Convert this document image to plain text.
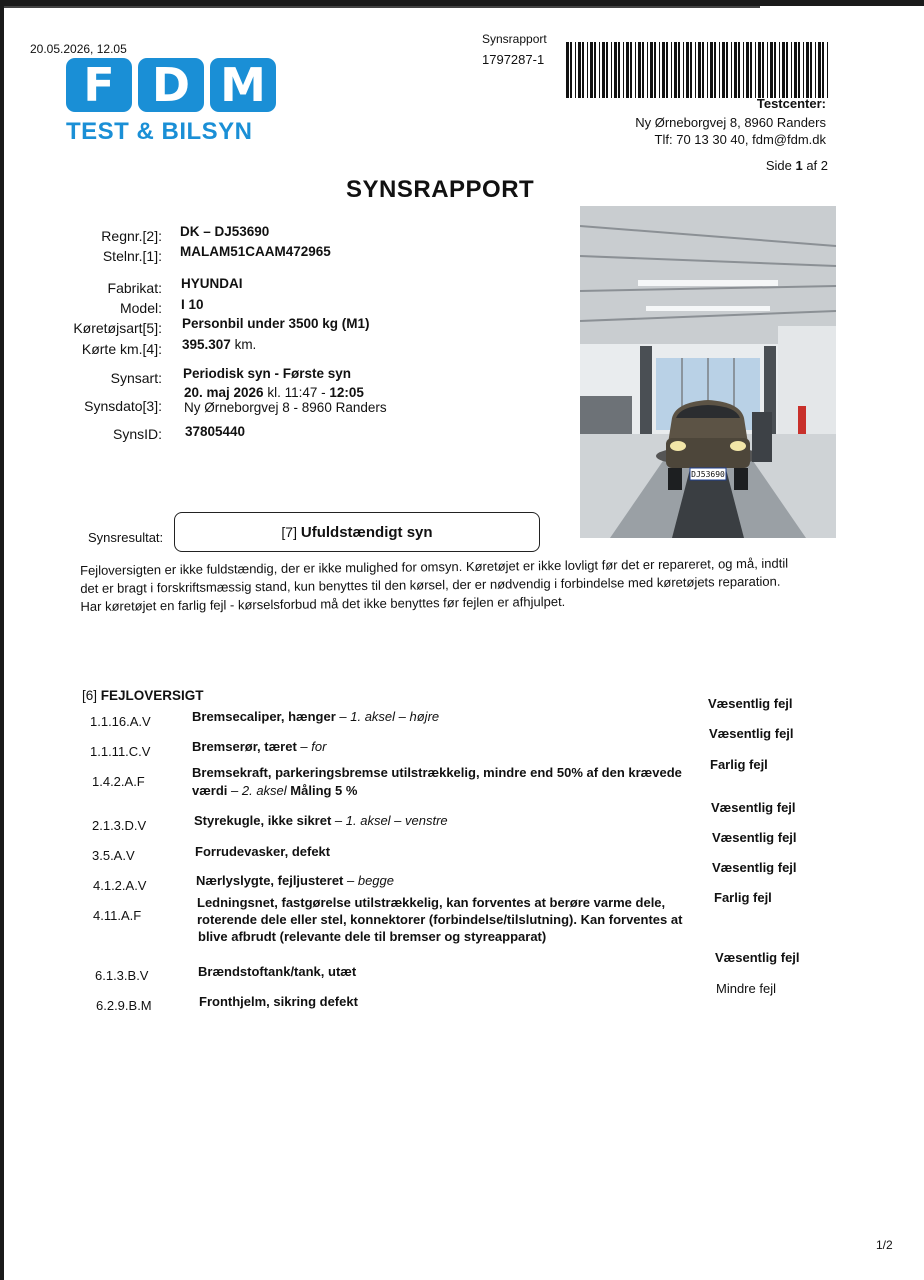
20.05.2026, 12.05
F D M
TEST & BILSYN
Synsrapport
1797287-1
Testcenter:
Ny Ørneborgvej 8, 8960 Randers
Tlf: 70 13 30 40, fdm@fdm.dk
Side 1 af 2
SYNSRAPPORT
Regnr.[2]: DK – DJ53690
Stelnr.[1]: MALAM51CAAM472965
Fabrikat: HYUNDAI
Model: I 10
Køretøjsart[5]: Personbil under 3500 kg (M1)
Kørte km.[4]: 395.307 km.
Synsart: Periodisk syn - Første syn
Synsdato[3]:
20. maj 2026 kl. 11:47 - 12:05
Ny Ørneborgvej 8 - 8960 Randers
SynsID: 37805440
DJ53690
Synsresultat:	[7] Ufuldstændigt syn
Fejloversigten er ikke fuldstændig, der er ikke mulighed for omsyn. Køretøjet er ikke lovligt før det er repareret, og må, indtil
det er bragt i forskriftsmæssig stand, kun benyttes til den kørsel, der er nødvendig i forbindelse med køretøjets reparation.
Har køretøjet en farlig fejl - kørselsforbud må det ikke benyttes før fejlen er afhjulpet.
[6] FEJLOVERSIGT
1.1.16.A.V	Bremsecaliper, hænger – 1. aksel – højre
Væsentlig fejl
1.1.11.C.V	Bremserør, tæret – for
Væsentlig fejl
1.4.2.A.F
Bremsekraft, parkeringsbremse utilstrækkelig, mindre end 50% af den krævede
værdi – 2. aksel Måling 5 %
Farlig fejl
2.1.3.D.V	Styrekugle, ikke sikret – 1. aksel – venstre
Væsentlig fejl
3.5.A.V	Forrudevasker, defekt
Væsentlig fejl
4.1.2.A.V	Nærlyslygte, fejljusteret – begge
Væsentlig fejl
4.11.A.F
Ledningsnet, fastgørelse utilstrækkelig, kan forventes at berøre varme dele,
roterende dele eller stel, konnektorer (forbindelse/tilslutning). Kan forventes at
blive afbrudt (relevante dele til bremser og styreapparat)
Farlig fejl
6.1.3.B.V	Brændstoftank/tank, utæt
Væsentlig fejl
6.2.9.B.M	Fronthjelm, sikring defekt
Mindre fejl
1/2
